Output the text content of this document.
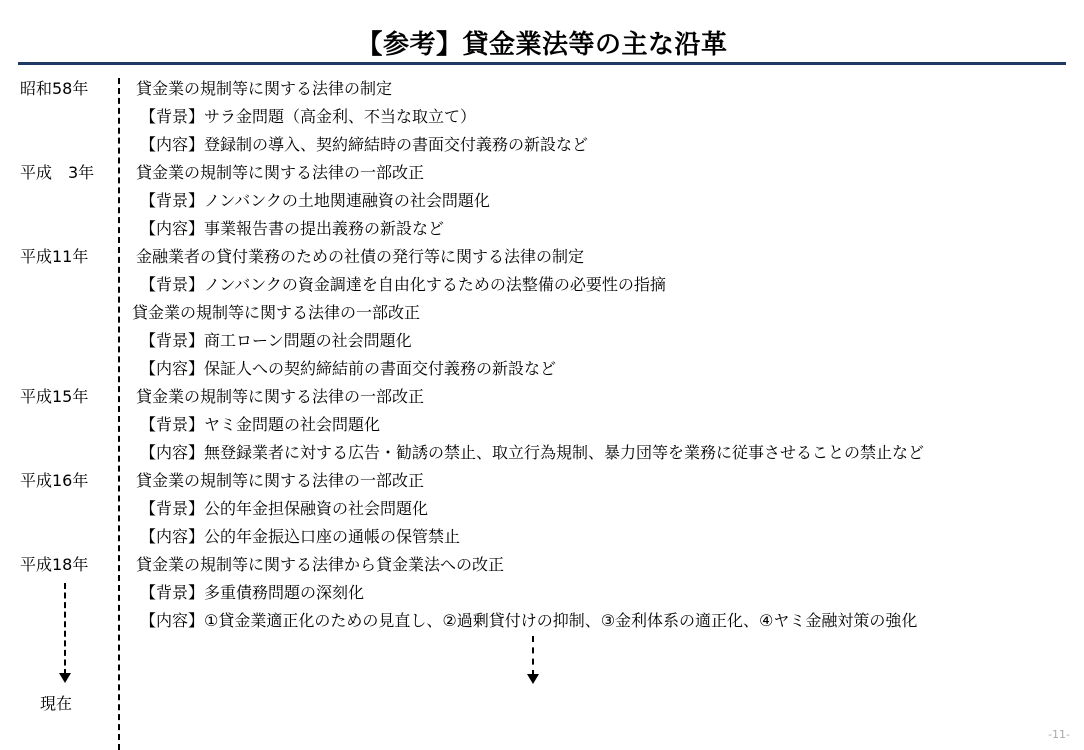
【参考】貸金業法等の主な沿革
昭和58年	貸金業の規制等に関する法律の制定
【背景】サラ金問題（高金利、不当な取立て）
【内容】登録制の導入、契約締結時の書面交付義務の新設など
平成　3年	貸金業の規制等に関する法律の一部改正
【背景】ノンバンクの土地関連融資の社会問題化
【内容】事業報告書の提出義務の新設など
平成11年	金融業者の貸付業務のための社債の発行等に関する法律の制定
【背景】ノンバンクの資金調達を自由化するための法整備の必要性の指摘
貸金業の規制等に関する法律の一部改正
【背景】商工ローン問題の社会問題化
【内容】保証人への契約締結前の書面交付義務の新設など
平成15年	貸金業の規制等に関する法律の一部改正
【背景】ヤミ金問題の社会問題化
【内容】無登録業者に対する広告・勧誘の禁止、取立行為規制、暴力団等を業務に従事させることの禁止など
平成16年	貸金業の規制等に関する法律の一部改正
【背景】公的年金担保融資の社会問題化
【内容】公的年金振込口座の通帳の保管禁止
平成18年	貸金業の規制等に関する法律から貸金業法への改正
【背景】多重債務問題の深刻化
【内容】①貸金業適正化のための見直し、②過剰貸付けの抑制、③金利体系の適正化、④ヤミ金融対策の強化
現在
-11-
